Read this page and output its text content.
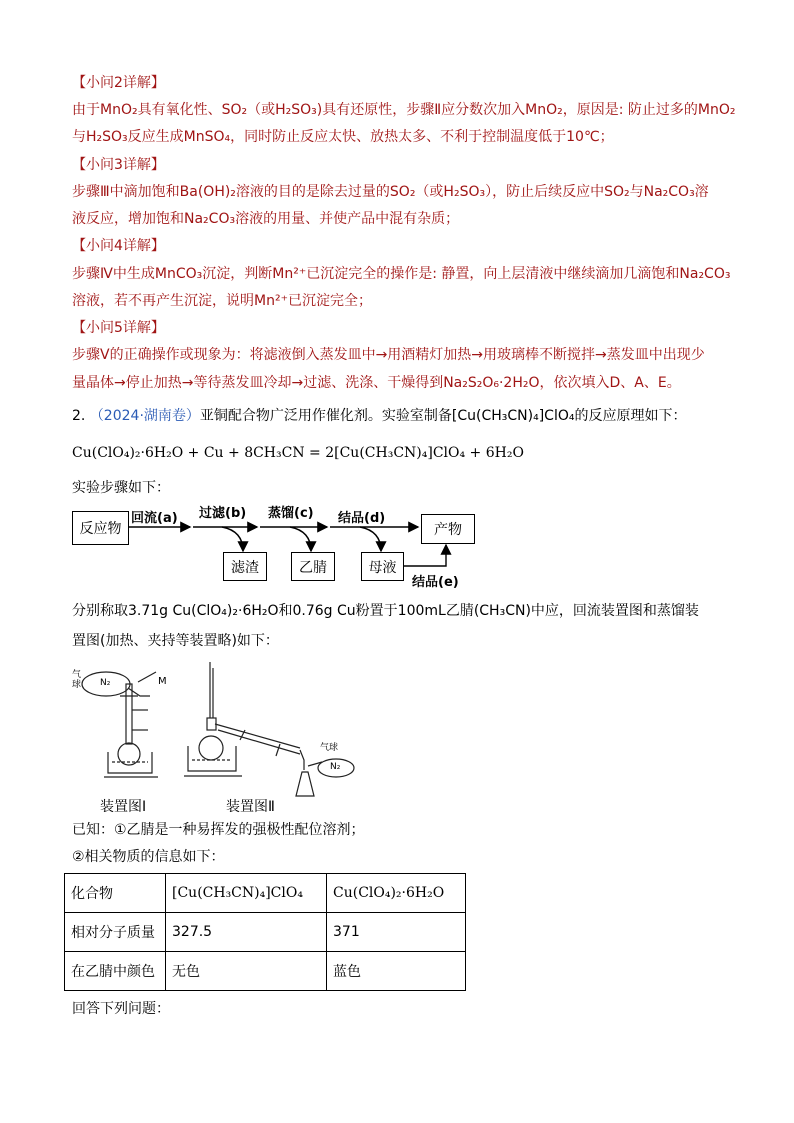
【小问2详解】
由于MnO₂具有氧化性、SO₂（或H₂SO₃)具有还原性，步骤Ⅱ应分数次加入MnO₂，原因是: 防止过多的MnO₂
与H₂SO₃反应生成MnSO₄，同时防止反应太快、放热太多、不利于控制温度低于10℃；
【小问3详解】
步骤Ⅲ中滴加饱和Ba(OH)₂溶液的目的是除去过量的SO₂（或H₂SO₃），防止后续反应中SO₂与Na₂CO₃溶
液反应，增加饱和Na₂CO₃溶液的用量、并使产品中混有杂质；
【小问4详解】
步骤Ⅳ中生成MnCO₃沉淀，判断Mn²⁺已沉淀完全的操作是: 静置，向上层清液中继续滴加几滴饱和Na₂CO₃
溶液，若不再产生沉淀，说明Mn²⁺已沉淀完全；
【小问5详解】
步骤Ⅴ的正确操作或现象为：将滤液倒入蒸发皿中→用酒精灯加热→用玻璃棒不断搅拌→蒸发皿中出现少
量晶体→停止加热→等待蒸发皿冷却→过滤、洗涤、干燥得到Na₂S₂O₆·2H₂O，依次填入D、A、E。
2. （2024·湖南卷）亚铜配合物广泛用作催化剂。实验室制备[Cu(CH₃CN)₄]ClO₄的反应原理如下：
Cu(ClO₄)₂·6H₂O + Cu + 8CH₃CN = 2[Cu(CH₃CN)₄]ClO₄ + 6H₂O
实验步骤如下：
反应物
回流(a) 过滤(b) 蒸馏(c) 结品(d)
产物
滤渣	乙腈	母液
结品(e)
分别称取3.71g Cu(ClO₄)₂·6H₂O和0.76g Cu粉置于100mL乙腈(CH₃CN)中应，回流装置图和蒸馏装
置图(加热、夹持等装置略)如下：
气球	N₂	M
气球
N₂
装置图Ⅰ	装置图Ⅱ
已知：①乙腈是一种易挥发的强极性配位溶剂；
②相关物质的信息如下：
化合物	[Cu(CH₃CN)₄]ClO₄	Cu(ClO₄)₂·6H₂O
相对分子质量	327.5	371
在乙腈中颜色	无色	蓝色
回答下列问题：
